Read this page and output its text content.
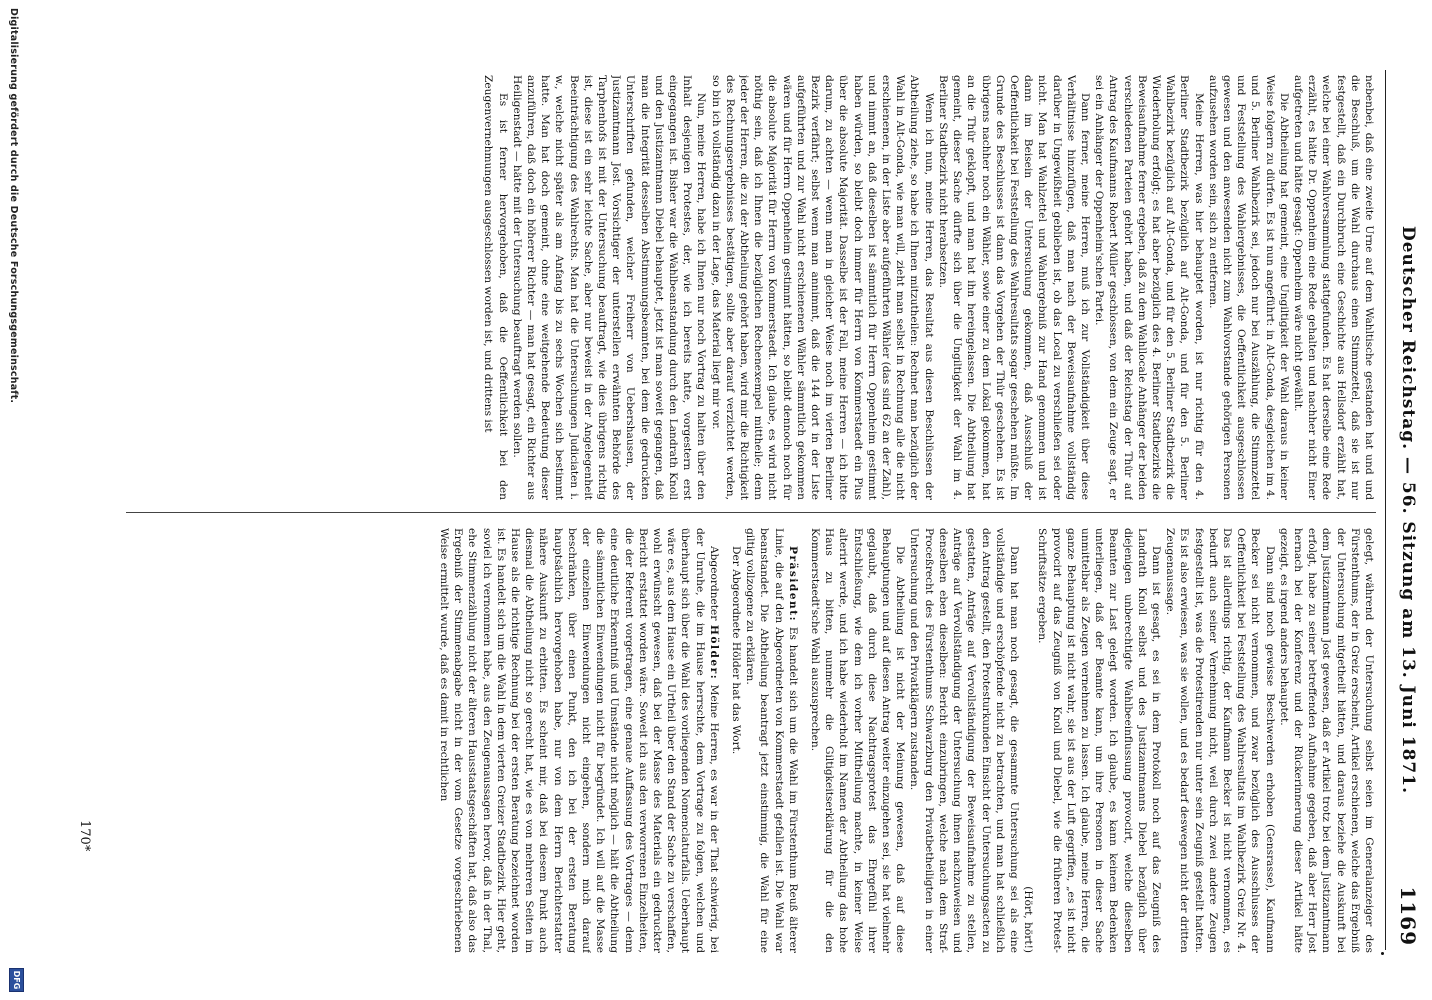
Deutscher Reichstag. — 56. Sitzung am 13. Juni 1871.
1169

nebenbei, daß eine zweite Urne auf dem Wahltische gestanden hat und und die Beschluß, um die Wahl durchaus einen Stimmzettel, daß sie ist nur festgestellt, daß ein Durchbruch eine Geschichte aus Hellsdorf erzählt hat, welche bei einer Wahlversammlung stattgefunden. Es hat derselbe eine Rede erzählt, es hätte Dr. Oppenheim eine Rede gehalten und nachher nicht Einer aufgetreten und hätte gesagt: Oppenheim wäre nicht gewählt.

Die Abtheilung hat gemeint, eine Ungiltigkeit der Wahl daraus in keiner Weise folgern zu dürfen. Es ist nun angeführt: in Alt-Gonda, desgleichen im 4. und 5. Berliner Wahlbezirk sei, jedoch nur bei Auszählung, die Stimmzettel und Feststellung des Wahlergebnisses, die Oeffentlichkeit ausgeschlossen gewesen und den anwesenden nicht zum Wahlvorstande gehörigen Personen aufzusehen worden sein, sich zu entfernen.

Meine Herren, was hier behauptet worden, ist nur richtig für den 4. Berliner Stadtbezirk bezüglich auf Alt-Gonda, und für den 5. Berliner Wahlbezirk bezüglich auf Alt-Gonda, und für den 5. Berliner Stadtbezirk die Wiederholung erfolgt; es hat aber bezüglich des 4. Berliner Stadtbezirks die Beweisaufnahme ferner ergeben, daß zu dem Wahllocale Anhänger der beiden verschiedenen Parteien gehört haben, und daß der Reichstag der Thür auf Antrag des Kaufmanns Robert Müller geschlossen, von dem ein Zeuge sagt, er sei ein Anhänger der Oppenheim'schen Partei.

Dann ferner, meine Herren, muß ich zur Vollständigkeit über diese Verhältnisse hinzufügen, daß man nach der Beweisaufnahme vollständig darüber in Ungewißheit geblieben ist, ob das Local zu verschließen sei oder nicht. Man hat Wahlzettel und Wahlergebniß zur Hand genommen und ist dann im Beisein der Untersuchung gekommen, daß Ausschluß der Oeffentlichkeit bei Feststellung des Wahlresultats sogar geschehen müßte. Im Grunde des Beschlusses ist dann das Vorgehen der Thür geschehen. Es ist übrigens nachher noch ein Wähler, sowie einer zu dem Lokal gekommen, hat an die Thür geklopft, und man hat ihn hereingelassen. Die Abtheilung hat gemeint, dieser Sache dürfte sich über die Ungiltigkeit der Wahl im 4. Berliner Stadtbezirk nicht herabsetzen.

Wenn ich nun, meine Herren, das Resultat aus diesen Beschlüssen der Abtheilung ziehe, so habe ich Ihnen mitzutheilen: Rechnet man bezüglich der Wahl in Alt-Gonda, wie man will, zieht man selbst in Rechnung alle die nicht erschienenen, in der Liste aber aufgeführten Wähler (das sind 62 an der Zahl), und nimmt an, daß dieselben ist sämmtlich für Herrn Oppenheim gestimmt haben würden, so bleibt doch immer für Herrn von Kommerstaedt ein Plus über die absolute Majorität. Dasselbe ist der Fall, meine Herren — ich bitte darum, zu achten — wenn man in gleicher Weise noch im vierten Berliner Bezirk verfährt; selbst wenn man annimmt, daß die 144 dort in der Liste aufgeführten und zur Wahl nicht erschienenen Wähler sämmtlich gekommen wären und für Herrn Oppenheim gestimmt hätten, so bleibt dennoch noch für die absolute Majorität für Herrn von Kommerstaedt. Ich glaube, es wird nicht nöthig sein, daß ich Ihnen die bezüglichen Rechenexempel mittheile; denn jeder der Herren, die zu der Abtheilung gehört haben, wird mir die Richtigkeit des Rechnungsergebnisses bestätigen, sollte aber darauf verzichtet werden, so bin ich vollständig dazu in der Lage, das Material liegt mir vor.

Nun, meine Herren, habe ich Ihnen nur noch Vortrag zu halten über den Inhalt desjenigen Protestes, der, wie ich bereits hatte, vorgestern erst eingegangen ist. Bisher war die Wahlbeanstandung durch den Landrath Knoll und den Justizamtmann Diebel behauptet, jetzt ist man soweit gegangen, daß man die Integrität desselben Abstimmungsbeamten, bei dem die gedruckten Unterschriften gefunden, welcher Freiherr von Uebershausen, der Justizamtmann Jost. Vorsichtiger der unterstellen erwähnten Behörde des Tarphenhofs ist mit der Untersuchung beauftragt, wie dies übrigens richtig ist, diese ist ein sehr leichte Sache, aber nur beweist in der Angelegenheit Beeinträchtigung des Wahlrechts. Man hat die Untersuchungen Judiciaten i. w., welche nicht später als am Anfang bis zu sechs Wochen sich bestimmt hatte. Man hat doch gemeint, ohne eine weitgehende Bedeutung dieser anzuführen, daß doch ein höherer Richter — man hat gesagt, ein Richter aus Heiligenstadt — hätte mit der Untersuchung beauftragt werden sollen.

Es ist ferner hervorgehoben, daß die Oeffentlichkeit bei den Zeugenvernehmungen ausgeschlossen worden ist, und drittens ist

gelegt, während der Untersuchung selbst seien im Generalanzeiger des Fürstenthums, der in Greiz erscheint, Artikel erschienen, welche das Ergebniß der Untersuchung mitgetheilt hätten, und daraus beziehe die Auskunft bei dem Justizamtmann Jost gewesen, daß er Artikel trotz bei dem Justizamtmann erfolgt, habe zu seiner betreffenden Aufnahme gegeben, daß aber Herr Jost hernach bei der Konferenz und der Rückerinnerung dieser Artikel hätte gezeigt, es irgend anders behauptet.

Dann sind noch gewisse Beschwerden erhoben (Gensrasse), Kaufmann Becker sei nicht vernommen, und zwar bezüglich des Ausschlusses der Oeffentlichkeit bei Feststellung des Wahlresultats im Wahlbezirk Greiz Nr. 4. Das ist allerdings richtig, der Kaufmann Becker ist nicht vernommen, es bedurft auch seiner Vernehmung nicht, weil durch zwei andere Zeugen festgestellt ist, was die Protestirenden nur unter sein Zeugniß gestellt hatten. Es ist also erwiesen, was sie wollen, und es bedarf deswegen nicht der dritten Zeugenaussage.

Dann ist gesagt, es sei in dem Protokoll noch auf das Zeugniß des Landrath Knoll selbst und des Justizamtmanns Diebel bezüglich über diejenigen unberechtigte Wahlbeeinflussung provocirt, welche dieselben Beamten zur Last gelegt worden. Ich glaube, es kann keinem Bedenken unterliegen, daß der Beamte kann, um ihre Personen in dieser Sache unmittelbar als Zeugen vernehmen zu lassen. Ich glaube, meine Herren, die ganze Behauptung ist nicht wahr, sie ist aus der Luft gegriffen, „es ist nicht provocirt auf das Zeugniß von Knoll und Diebel, wie die früheren Protest-Schriftsätze ergeben.

(Hört, hört!)

Dann hat man noch gesagt, die gesammte Untersuchung sei als eine vollständige und erschöpfende nicht zu betrachten, und man hat schließlich den Antrag gestellt, den Protesturkunden Einsicht der Untersuchungsacten zu gestatten, Anträge auf Vervollständigung der Beweisaufnahme zu stellen, Anträge auf Vervollständigung der Untersuchung ihnen nachzuweisen und denselben eben dieselben: Bericht einzubringen, welche nach dem Straf-Proceßrecht des Fürstenthums Schwarzburg den Privatbetheiligten in einer Untersuchung und den Privatklägern zustanden.

Die Abtheilung ist nicht der Meinung gewesen, daß auf diese Behauptungen und auf diesen Antrag weiter einzugehen sei, sie hat vielmehr geglaubt, daß durch diese Nachtragsprotest das Ehrgefühl ihrer Entschließung, wie dem ich vorher Mittheilung machte, in keiner Weise alterirt werde, und ich habe wiederholt im Namen der Abtheilung das hohe Haus zu bitten, nunmehr die Giltigkeitserklärung für die den Kommerstaedt'sche Wahl auszusprechen.

Präsident: Es handelt sich um die Wahl im Fürstenthum Reuß älterer Linie, die auf den Abgeordneten von Kommerstaedt gefallen ist. Die Wahl war beanstandet. Die Abtheilung beantragt jetzt einstimmig, die Wahl für eine giltig vollzogene zu erklären.

Der Abgeordnete Hölder hat das Wort.

Abgeordneter Hölder: Meine Herren, es war in der That schwierig, bei der Unruhe, die im Hause herrschte, dem Vortrage zu folgen, welchen und überhaupt sich über die Wahl des vorliegenden Nomenclaturfalls. Ueberhaupt wäre es, aus dem Hause ein Urtheil über den Stand der Sache zu verschaffen, wohl erwünscht gewesen, daß bei der Masse des Materials ein gedruckter Bericht erstattet worden wäre. Soweit ich aus den verworrenen Einzelheiten, die der Referent vorgetragen, eine genaue Auffassung des Vortrages — denn eine deutliche Erkenntniß und Umstände nicht möglich — hält die Abtheilung die sämmtlichen Einwendungen nicht für begründet. Ich will auf die Masse der einzelnen Einwendungen nicht eingehen, sondern mich darauf beschränken, über einen Punkt, den ich bei der ersten Beratung hauptsächlich hervorgehoben habe, nur von dem Herrn Berichterstatter nähere Auskunft zu erbitten. Es scheint mir, daß bei diesem Punkt auch diesmal die Abtheilung nicht so gerecht hat, wie es von mehreren Seiten im Hause als die richtige Rechnung bei der ersten Beratung bezeichnet worden ist. Es handelt sich um die Wahl in dem vierten Greizer Stadtbezirk. Hier geht, soviel ich vernommen habe, aus den Zeugenaussagen hervor, daß in der Thal, ehe Stimmenzählung nicht der älteren Hausstaatsgeschäften hat, daß also das Ergebniß der Stimmenabgabe nicht in der vom Gesetze vorgeschriebenen Weise ermittelt wurde, daß es damit in rechtlichen

170*
Digitalisierung gefördert durch die Deutsche Forschungsgemeinschaft.
DFG
